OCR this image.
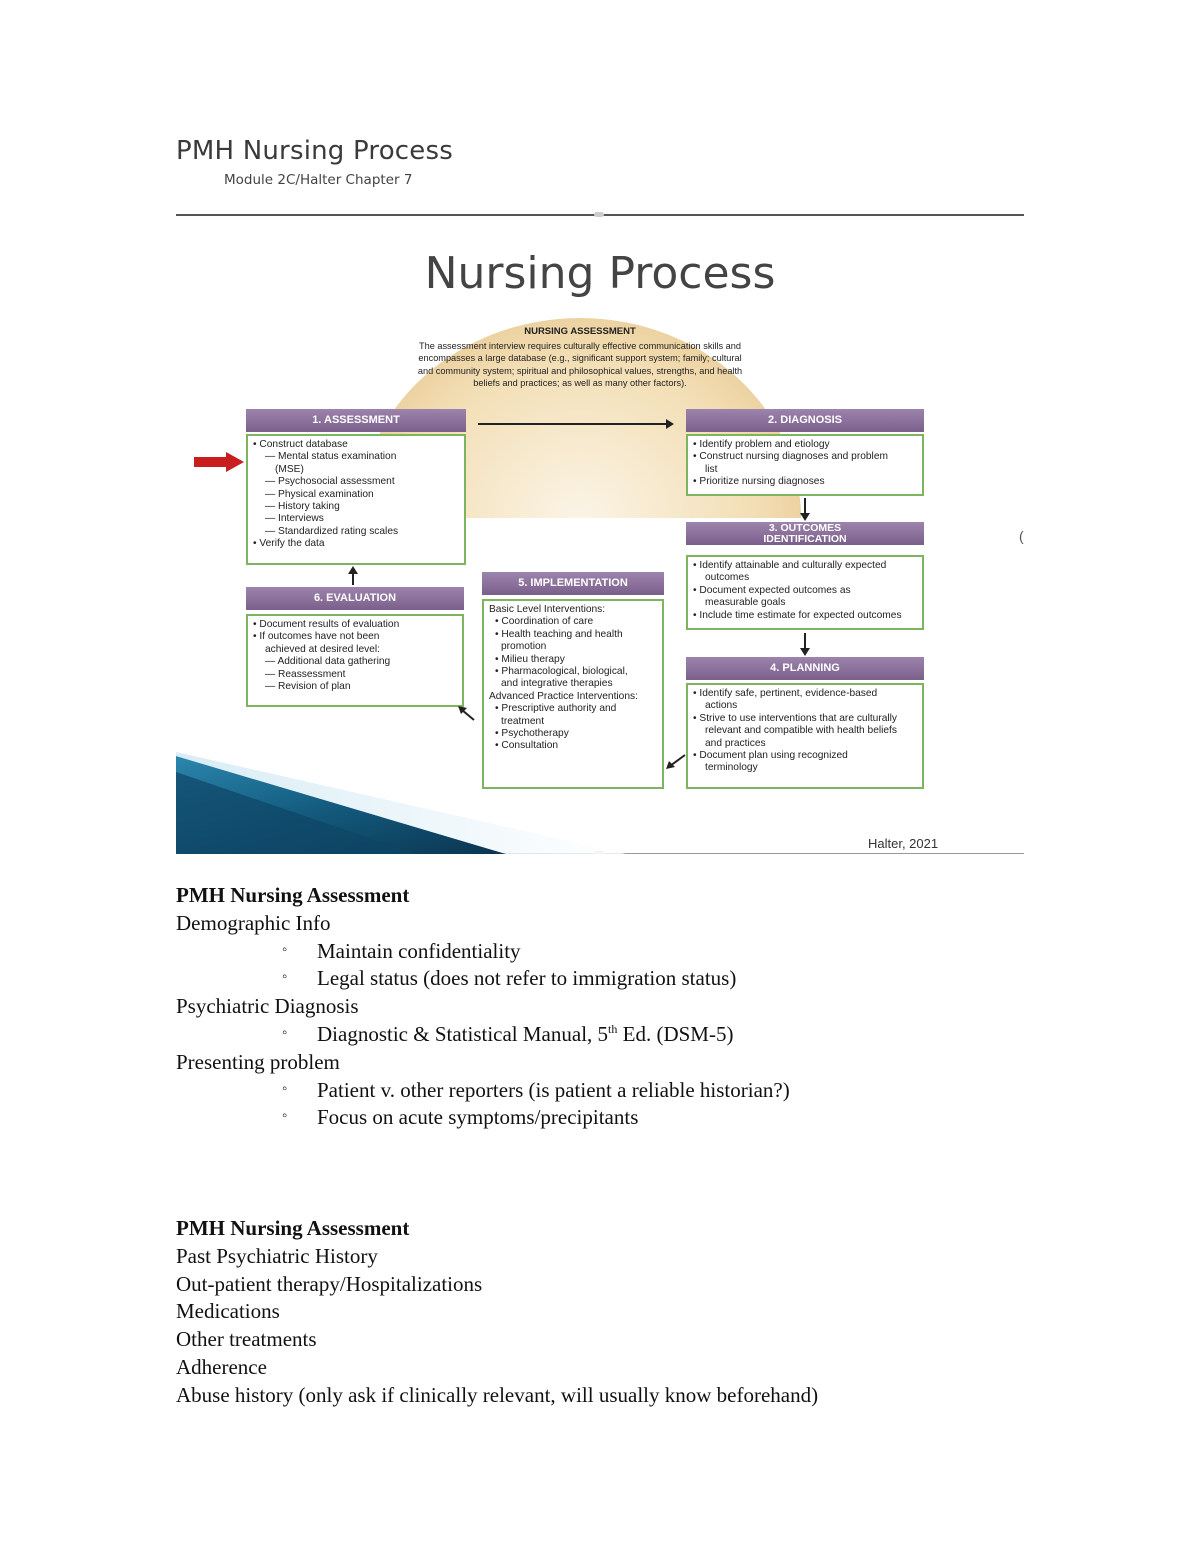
PMH Nursing Process
Module 2C/Halter Chapter 7
Nursing Process
NURSING ASSESSMENT
The assessment interview requires culturally effective communication skills and encompasses a large database (e.g., significant support system; family; cultural and community system; spiritual and philosophical values, strengths, and health beliefs and practices; as well as many other factors).
1. ASSESSMENT
• Construct database
— Mental status examination
(MSE)
— Psychosocial assessment
— Physical examination
— History taking
— Interviews
— Standardized rating scales
• Verify the data
2. DIAGNOSIS
• Identify problem and etiology
• Construct nursing diagnoses and problem
list
• Prioritize nursing diagnoses
3. OUTCOMES
IDENTIFICATION
• Identify attainable and culturally expected
outcomes
• Document expected outcomes as
measurable goals
• Include time estimate for expected outcomes
4. PLANNING
• Identify safe, pertinent, evidence-based
actions
• Strive to use interventions that are culturally
relevant and compatible with health beliefs
and practices
• Document plan using recognized
terminology
5. IMPLEMENTATION
Basic Level Interventions:
• Coordination of care
• Health teaching and health
promotion
• Milieu therapy
• Pharmacological, biological,
and integrative therapies
Advanced Practice Interventions:
• Prescriptive authority and
treatment
• Psychotherapy
• Consultation
6. EVALUATION
• Document results of evaluation
• If outcomes have not been
achieved at desired level:
— Additional data gathering
— Reassessment
— Revision of plan
Halter, 2021
(
PMH Nursing Assessment
Demographic Info
◦ Maintain confidentiality
◦ Legal status (does not refer to immigration status)
Psychiatric Diagnosis
◦ Diagnostic & Statistical Manual, 5th Ed. (DSM-5)
Presenting problem
◦ Patient v. other reporters (is patient a reliable historian?)
◦ Focus on acute symptoms/precipitants
PMH Nursing Assessment
Past Psychiatric History
Out-patient therapy/Hospitalizations
Medications
Other treatments
Adherence
Abuse history (only ask if clinically relevant, will usually know beforehand)
